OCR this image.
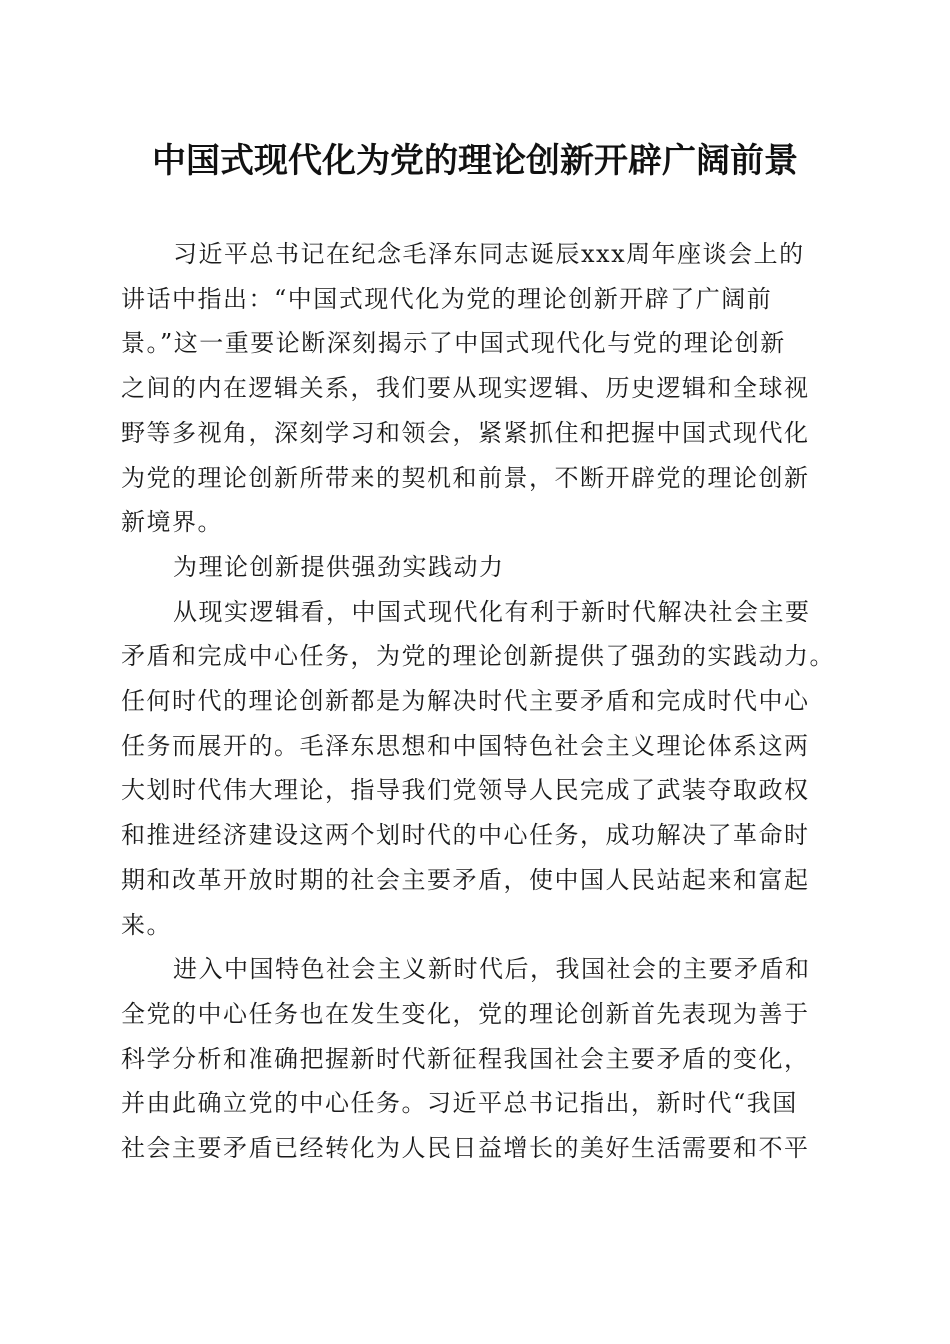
中国式现代化为党的理论创新开辟广阔前景

习近平总书记在纪念毛泽东同志诞辰xxx周年座谈会上的
讲话中指出：“中国式现代化为党的理论创新开辟了广阔前
景。”这一重要论断深刻揭示了中国式现代化与党的理论创新
之间的内在逻辑关系，我们要从现实逻辑、历史逻辑和全球视
野等多视角，深刻学习和领会，紧紧抓住和把握中国式现代化
为党的理论创新所带来的契机和前景，不断开辟党的理论创新
新境界。

为理论创新提供强劲实践动力

从现实逻辑看，中国式现代化有利于新时代解决社会主要
矛盾和完成中心任务，为党的理论创新提供了强劲的实践动力。
任何时代的理论创新都是为解决时代主要矛盾和完成时代中心
任务而展开的。毛泽东思想和中国特色社会主义理论体系这两
大划时代伟大理论，指导我们党领导人民完成了武装夺取政权
和推进经济建设这两个划时代的中心任务，成功解决了革命时
期和改革开放时期的社会主要矛盾，使中国人民站起来和富起
来。

进入中国特色社会主义新时代后，我国社会的主要矛盾和
全党的中心任务也在发生变化，党的理论创新首先表现为善于
科学分析和准确把握新时代新征程我国社会主要矛盾的变化，
并由此确立党的中心任务。习近平总书记指出，新时代“我国
社会主要矛盾已经转化为人民日益增长的美好生活需要和不平
